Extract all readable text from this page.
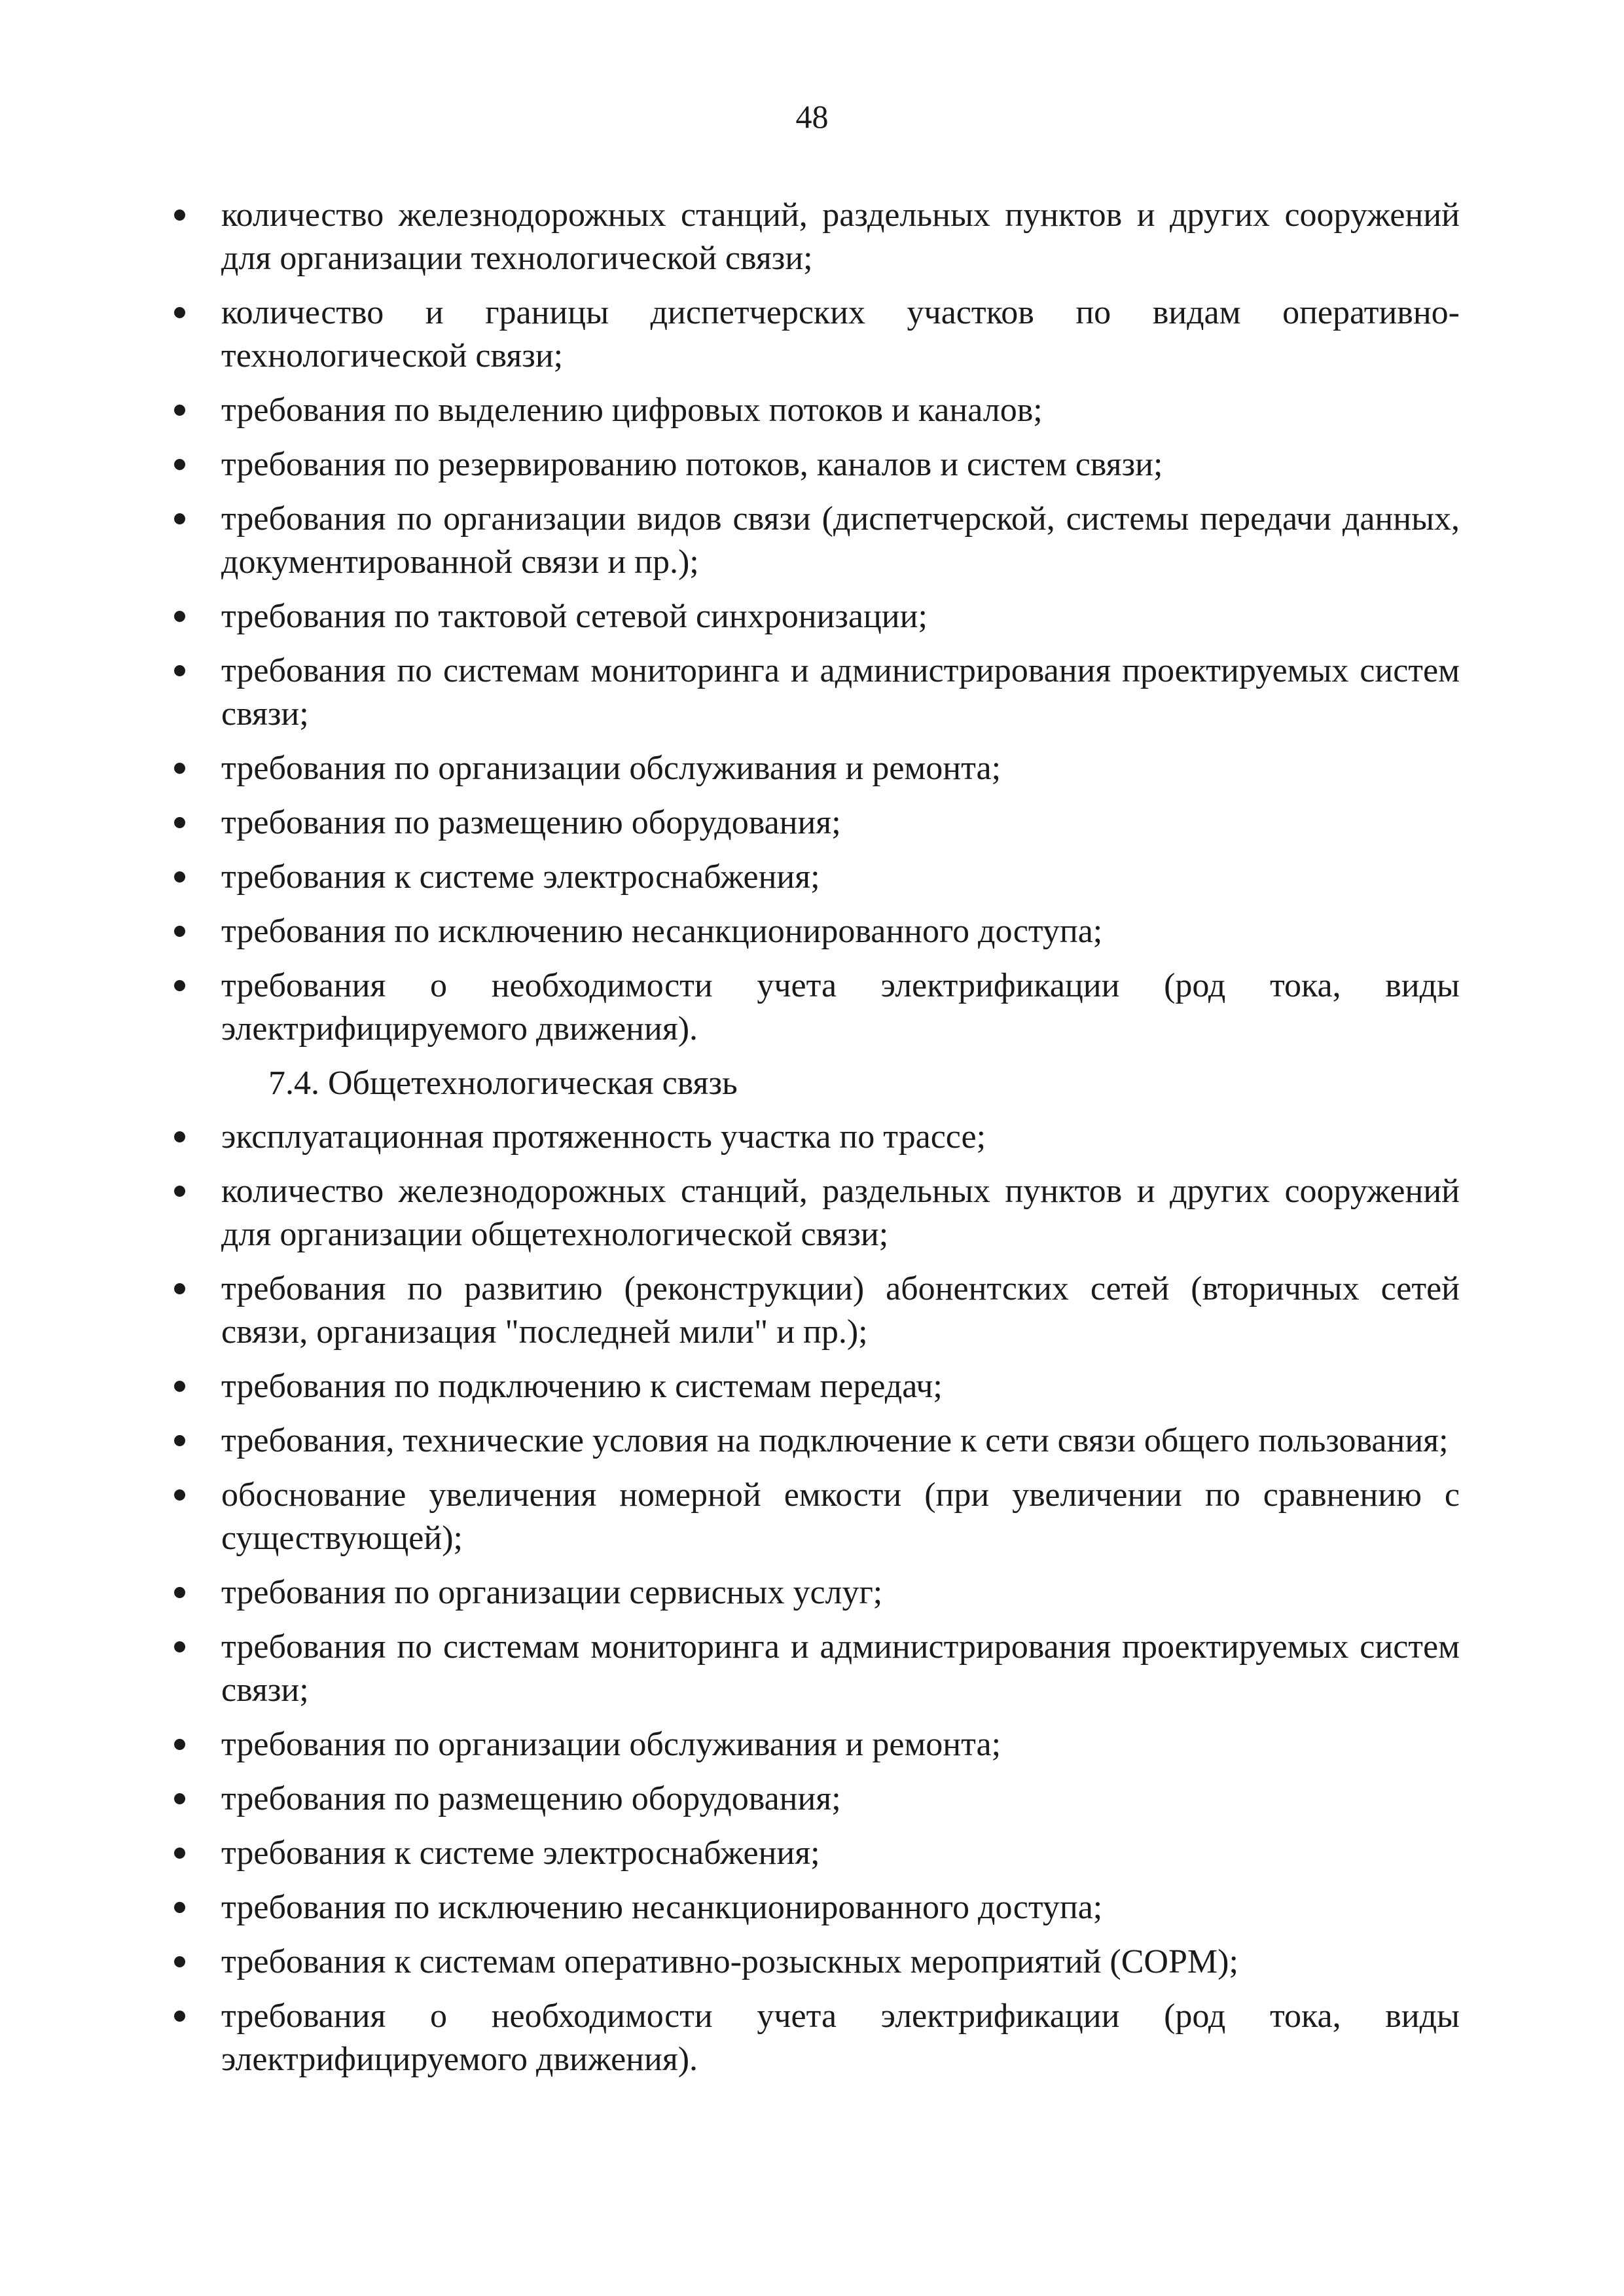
48
количество железнодорожных станций, раздельных пунктов и других сооружений для организации технологической связи;
количество и границы диспетчерских участков по видам оперативно-технологической связи;
требования по выделению цифровых потоков и каналов;
требования по резервированию потоков, каналов и систем связи;
требования по организации видов связи (диспетчерской, системы передачи данных, документированной связи и пр.);
требования по тактовой сетевой синхронизации;
требования по системам мониторинга и администрирования проектируемых систем связи;
требования по организации обслуживания и ремонта;
требования по размещению оборудования;
требования к системе электроснабжения;
требования по исключению несанкционированного доступа;
требования о необходимости учета электрификации (род тока, виды электрифицируемого движения).
7.4. Общетехнологическая связь
эксплуатационная протяженность участка по трассе;
количество железнодорожных станций, раздельных пунктов и других сооружений для организации общетехнологической связи;
требования по развитию (реконструкции) абонентских сетей (вторичных сетей связи, организация "последней мили" и пр.);
требования по подключению к системам передач;
требования, технические условия на подключение к сети связи общего пользования;
обоснование увеличения номерной емкости (при увеличении по сравнению с существующей);
требования по организации сервисных услуг;
требования по системам мониторинга и администрирования проектируемых систем связи;
требования по организации обслуживания и ремонта;
требования по размещению оборудования;
требования к системе электроснабжения;
требования по исключению несанкционированного доступа;
требования к системам оперативно-розыскных мероприятий (СОРМ);
требования о необходимости учета электрификации (род тока, виды электрифицируемого движения).
